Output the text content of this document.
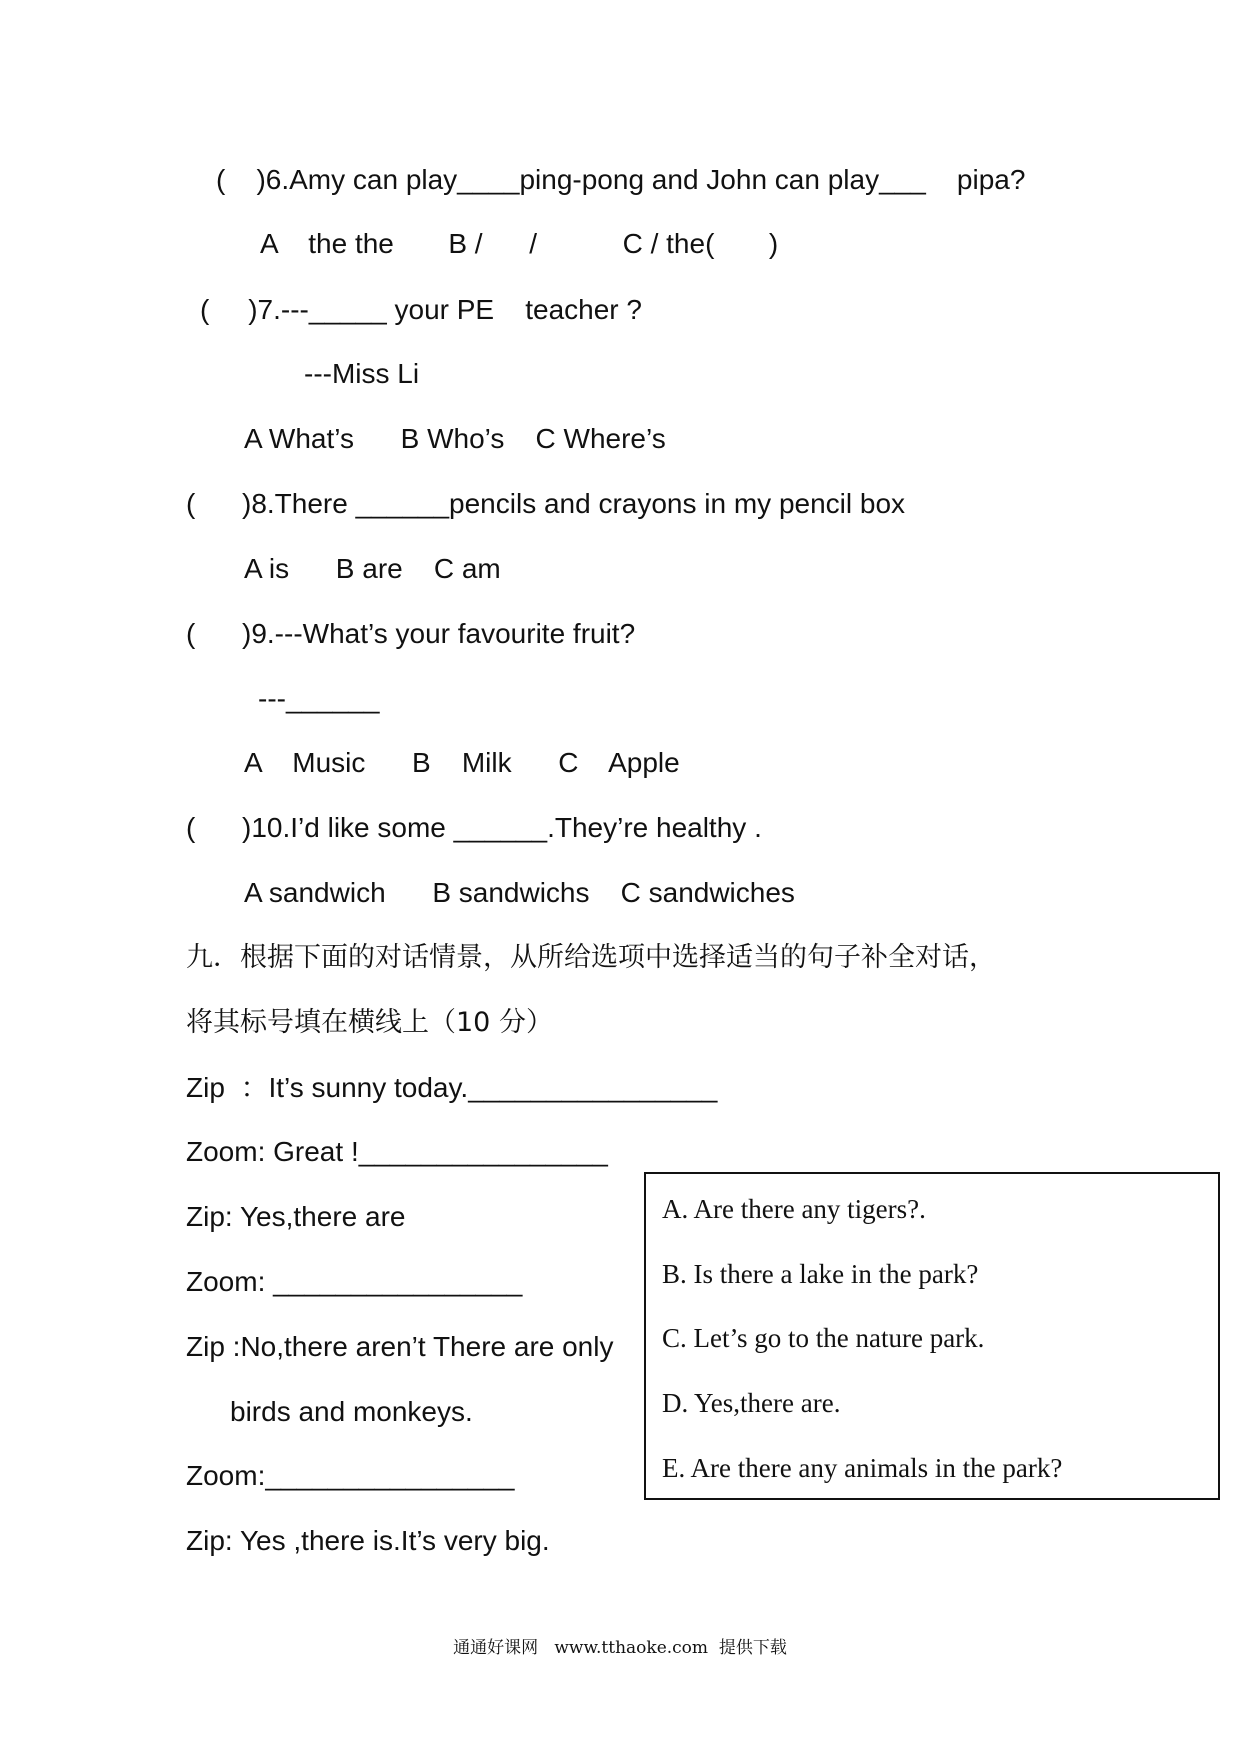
(    )6.Amy can play____ping-pong and John can play___    pipa?
A    the the       B /      /           C / the(       )
(     )7.---_____ your PE    teacher ?
---Miss Li
A What’s      B Who’s    C Where’s
(      )8.There ______pencils and crayons in my pencil box
A is      B are    C am
(      )9.---What’s your favourite fruit?
---______
A    Music      B    Milk      C    Apple
(      )10.I’d like some ______.They’re healthy .
A sandwich      B sandwichs    C sandwiches
九．根据下面的对话情景，从所给选项中选择适当的句子补全对话，
将其标号填在横线上（10 分）
Zip  ：It’s sunny today.________________
Zoom: Great !________________
Zip: Yes,there are
Zoom: ________________
Zip :No,there aren’t There are only
birds and monkeys.
Zoom:________________
Zip: Yes ,there is.It’s very big.
A. Are there any tigers?.
B. Is there a lake in the park?
C. Let’s go to the nature park.
D. Yes,there are.
E. Are there any animals in the park?
通通好课网   www.tthaoke.com  提供下载
